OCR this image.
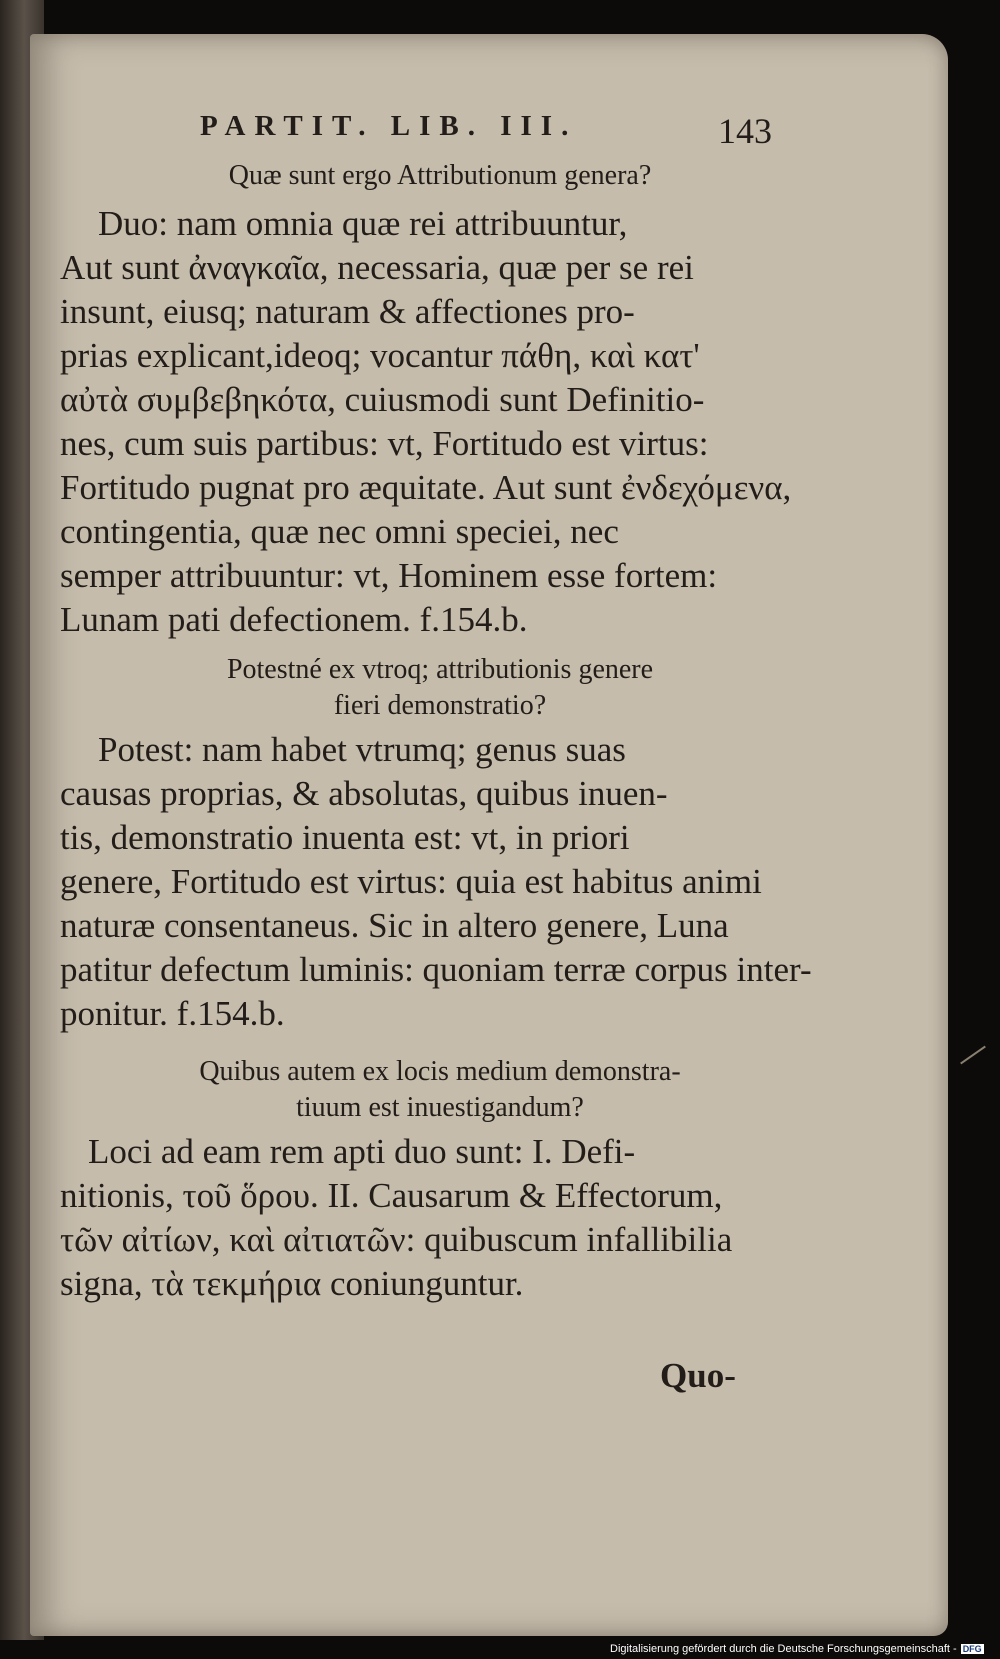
PARTIT. LIB. III.	143
Quæ sunt ergo Attributionum genera?
Duo: nam omnia quæ rei attribuuntur,
Aut sunt ἀναγκαῖα, necessaria, quæ per se rei
insunt, eiusq; naturam & affectiones pro-
prias explicant,ideoq; vocantur πάθη, καὶ κατ'
αὐτὰ συμβεβηκότα, cuiusmodi sunt Definitio-
nes, cum suis partibus: vt, Fortitudo est virtus:
Fortitudo pugnat pro æquitate. Aut sunt ἐνδεχόμενα,
contingentia, quæ nec omni speciei, nec
semper attribuuntur: vt, Hominem esse fortem:
Lunam pati defectionem. f.154.b.
Potestné ex vtroq; attributionis genere
fieri demonstratio?
Potest: nam habet vtrumq; genus suas
causas proprias, & absolutas, quibus inuen-
tis, demonstratio inuenta est: vt, in priori
genere, Fortitudo est virtus: quia est habitus animi
naturæ consentaneus. Sic in altero genere, Luna
patitur defectum luminis: quoniam terræ corpus inter-
ponitur. f.154.b.
Quibus autem ex locis medium demonstra-
tiuum est inuestigandum?
Loci ad eam rem apti duo sunt: I. Defi-
nitionis, τοῦ ὅρου. II. Causarum & Effectorum,
τῶν αἰτίων, καὶ αἰτιατῶν: quibuscum infallibilia
signa, τὰ τεκμήρια coniunguntur.
Quo-
Digitalisierung gefördert durch die Deutsche Forschungsgemeinschaft - DFG
